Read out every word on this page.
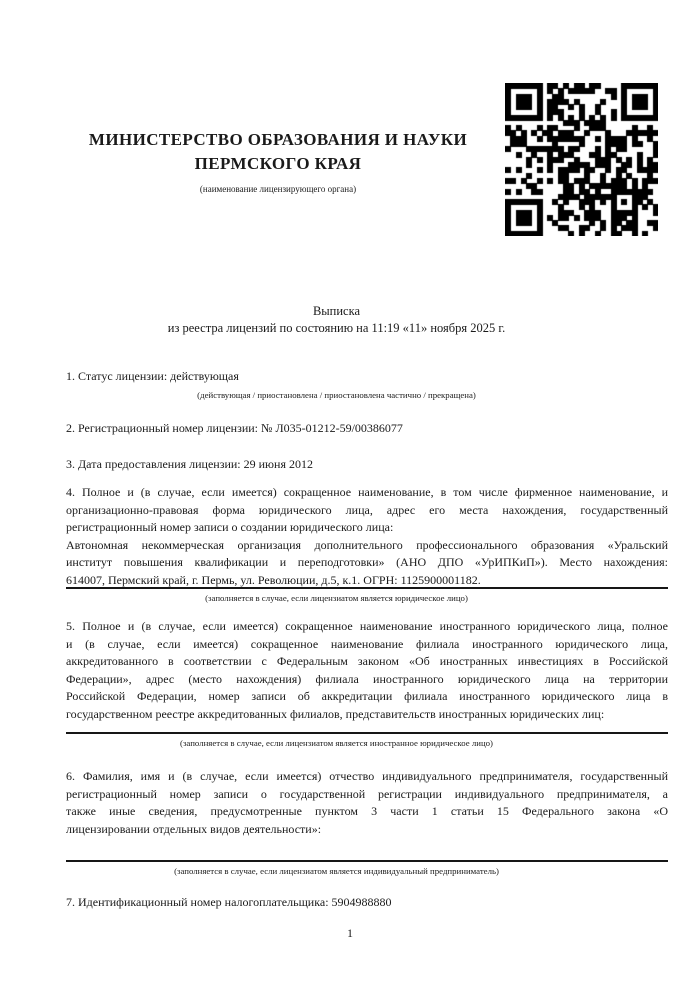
МИНИСТЕРСТВО ОБРАЗОВАНИЯ И НАУКИ
ПЕРМСКОГО КРАЯ
(наименование лицензирующего органа)
Выписка
из реестра лицензий по состоянию на 11:19 «11» ноября 2025 г.
1. Статус лицензии: действующая
(действующая / приостановлена / приостановлена частично / прекращена)
2. Регистрационный номер лицензии: № Л035-01212-59/00386077
3. Дата предоставления лицензии: 29 июня 2012
4. Полное и (в случае, если имеется) сокращенное наименование, в том числе фирменное наименование, и
организационно-правовая форма юридического лица, адрес его места нахождения, государственный
регистрационный номер записи о создании юридического лица:
Автономная некоммерческая организация дополнительного профессионального образования «Уральский
институт повышения квалификации и переподготовки» (АНО ДПО «УрИПКиП»). Место нахождения:
614007, Пермский край, г. Пермь, ул. Революции, д.5, к.1. ОГРН: 1125900001182.
(заполняется в случае, если лицензиатом является юридическое лицо)
5. Полное и (в случае, если имеется) сокращенное наименование иностранного юридического лица, полное
и (в случае, если имеется) сокращенное наименование филиала иностранного юридического лица,
аккредитованного в соответствии с Федеральным законом «Об иностранных инвестициях в Российской
Федерации», адрес (место нахождения) филиала иностранного юридического лица на территории
Российской Федерации, номер записи об аккредитации филиала иностранного юридического лица в
государственном реестре аккредитованных филиалов, представительств иностранных юридических лиц:
(заполняется в случае, если лицензиатом является иностранное юридическое лицо)
6. Фамилия, имя и (в случае, если имеется) отчество индивидуального предпринимателя, государственный
регистрационный номер записи о государственной регистрации индивидуального предпринимателя, а
также иные сведения, предусмотренные пунктом 3 части 1 статьи 15 Федерального закона «О
лицензировании отдельных видов деятельности»:
(заполняется в случае, если лицензиатом является индивидуальный предприниматель)
7. Идентификационный номер налогоплательщика: 5904988880
1
